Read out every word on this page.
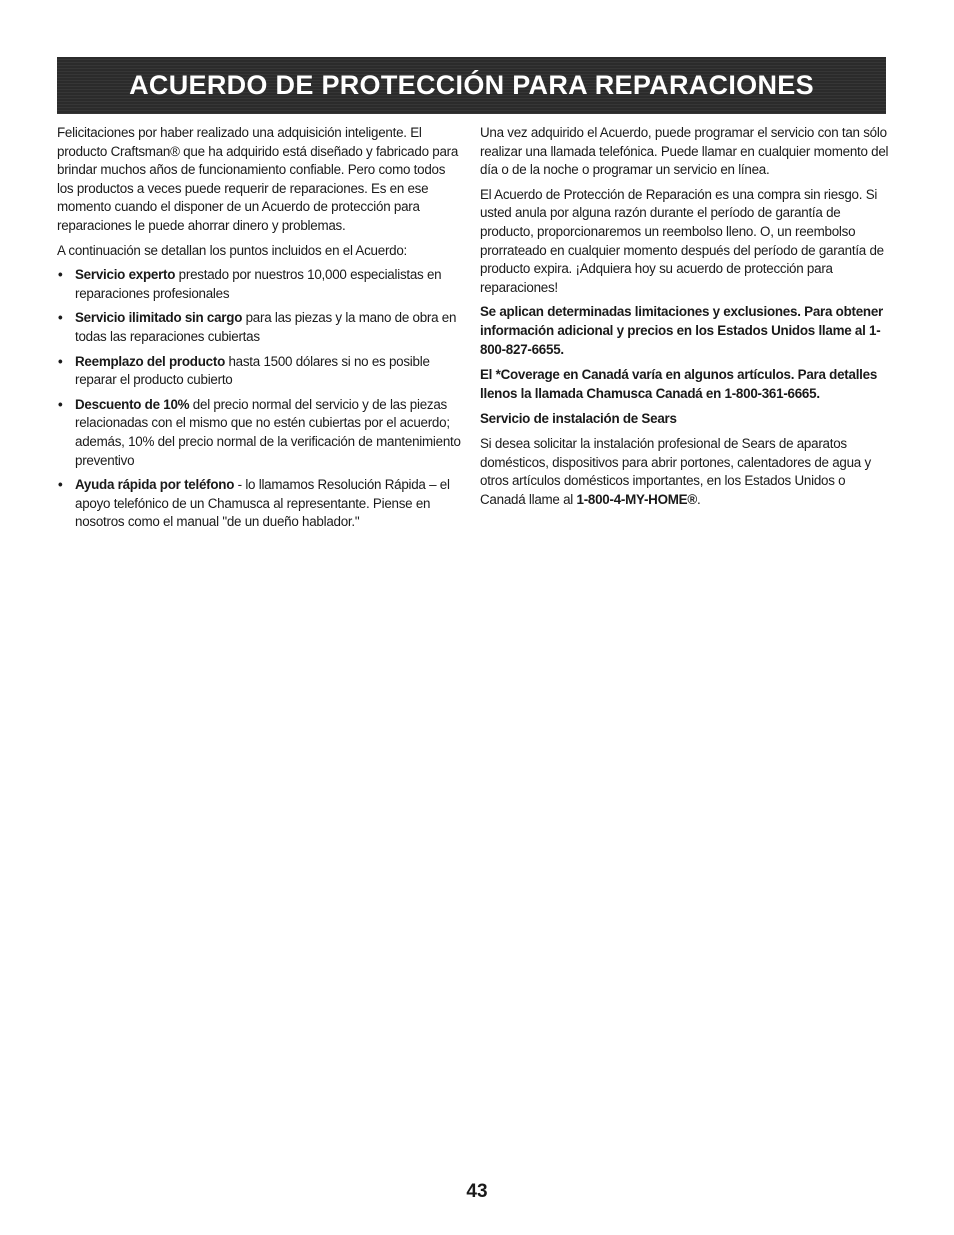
ACUERDO DE PROTECCIÓN PARA REPARACIONES

Felicitaciones por haber realizado una adquisición inteligente. El producto Craftsman® que ha adquirido está diseñado y fabricado para brindar muchos años de funcionamiento confiable. Pero como todos los productos a veces puede requerir de reparaciones. Es en ese momento cuando el disponer de un Acuerdo de protección para reparaciones le puede ahorrar dinero y problemas.

A continuación se detallan los puntos incluidos en el Acuerdo:

• Servicio experto prestado por nuestros 10,000 especialistas en reparaciones profesionales
• Servicio ilimitado sin cargo para las piezas y la mano de obra en todas las reparaciones cubiertas
• Reemplazo del producto hasta 1500 dólares si no es posible reparar el producto cubierto
• Descuento de 10% del precio normal del servicio y de las piezas relacionadas con el mismo que no estén cubiertas por el acuerdo; además, 10% del precio normal de la verificación de mantenimiento preventivo
• Ayuda rápida por teléfono - lo llamamos Resolución Rápida – el apoyo telefónico de un Chamusca al representante. Piense en nosotros como el manual "de un dueño hablador."

Una vez adquirido el Acuerdo, puede programar el servicio con tan sólo realizar una llamada telefónica. Puede llamar en cualquier momento del día o de la noche o programar un servicio en línea.

El Acuerdo de Protección de Reparación es una compra sin riesgo. Si usted anula por alguna razón durante el período de garantía de producto, proporcionaremos un reembolso lleno. O, un reembolso prorrateado en cualquier momento después del período de garantía de producto expira. ¡Adquiera hoy su acuerdo de protección para reparaciones!

Se aplican determinadas limitaciones y exclusiones. Para obtener información adicional y precios en los Estados Unidos llame al 1-800-827-6655.

El *Coverage en Canadá varía en algunos artículos. Para detalles llenos la llamada Chamusca Canadá en 1-800-361-6665.

Servicio de instalación de Sears

Si desea solicitar la instalación profesional de Sears de aparatos domésticos, dispositivos para abrir portones, calentadores de agua y otros artículos domésticos importantes, en los Estados Unidos o Canadá llame al 1-800-4-MY-HOME®.

43
